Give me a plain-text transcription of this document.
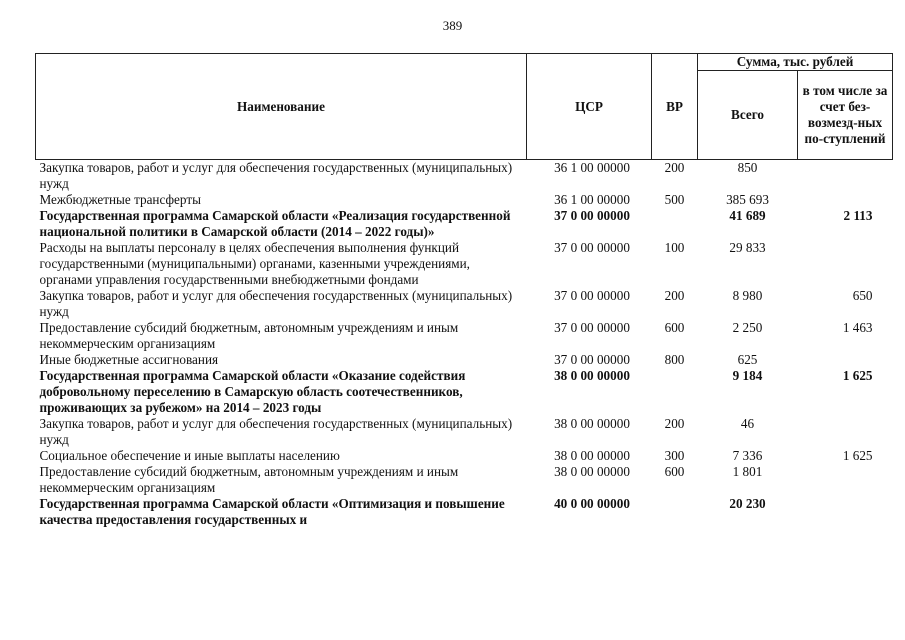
389
Наименование	ЦСР	ВР	Сумма, тыс. рублей	
			Всего	в том числе за счет без-возмезд-ных по-ступлений
Закупка товаров, работ и услуг для обеспечения государственных (муниципальных) нужд	36 1 00 00000	200	850	
Межбюджетные трансферты	36 1 00 00000	500	385 693	
Государственная программа Самарской области «Реализация государственной национальной политики в Самарской области (2014 – 2022 годы)»	37 0 00 00000		41 689	2 113
Расходы на выплаты персоналу в целях обеспечения выполнения функций государственными (муниципальными) органами, казенными учреждениями, органами управления государственными внебюджетными фондами	37 0 00 00000	100	29 833	
Закупка товаров, работ и услуг для обеспечения государственных (муниципальных) нужд	37 0 00 00000	200	8 980	650
Предоставление субсидий бюджетным, автономным учреждениям и иным некоммерческим организациям	37 0 00 00000	600	2 250	1 463
Иные бюджетные ассигнования	37 0 00 00000	800	625	
Государственная программа Самарской области «Оказание содействия добровольному переселению в Самарскую область соотечественников, проживающих за рубежом» на 2014 – 2023 годы	38 0 00 00000		9 184	1 625
Закупка товаров, работ и услуг для обеспечения государственных (муниципальных) нужд	38 0 00 00000	200	46	
Социальное обеспечение и иные выплаты населению	38 0 00 00000	300	7 336	1 625
Предоставление субсидий бюджетным, автономным учреждениям и иным некоммерческим организациям	38 0 00 00000	600	1 801	
Государственная программа Самарской области «Оптимизация и повышение качества предоставления государственных и	40 0 00 00000		20 230	
